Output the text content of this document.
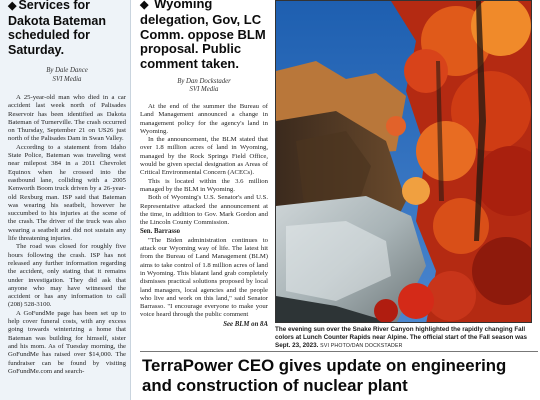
◆ Services for
Dakota Bateman
scheduled for
Saturday.
By Dale Dance
SVI Media

A 25-year-old man who died in a car accident last week north of Palisades Reservoir has been identified as Dakota Bateman of Turnerville. The crash occurred on Thursday, September 21 on US26 just north of the Palisades Dam in Swan Valley.

According to a statement from Idaho State Police, Bateman was traveling west near milepost 384 in a 2011 Chevrolet Equinox when he crossed into the eastbound lane, colliding with a 2005 Kenworth Boom truck driven by a 26-year-old Rexburg man. ISP said that Bateman was wearing his seatbelt, however he succumbed to his injuries at the scene of the crash. The driver of the truck was also wearing a seatbelt and did not sustain any life threatening injuries.

The road was closed for roughly five hours following the crash. ISP has not released any further information regarding the accident, only stating that it remains under investigation. They did ask that anyone who may have witnessed the accident or has any information to call (208) 528-3100.

A GoFundMe page has been set up to help cover funeral costs, with any excess going towards winterizing a home that Bateman was building for himself, sister and his mom. As of Tuesday morning, the GoFundMe has raised over $14,000. The fundraiser can be found by visiting GoFundMe.com and search-

◆ Wyoming
delegation, Gov, LC
Comm. oppose BLM
proposal. Public
comment taken.
By Dan Dockstader
SVI Media

At the end of the summer the Bureau of Land Management announced a change in management policy for the agency's land in Wyoming.

In the announcement, the BLM stated that over 1.8 million acres of land in Wyoming, managed by the Rock Springs Field Office, would be given special designation as Areas of Critical Environmental Concern (ACECs).

This is located within the 3.6 million managed by the BLM in Wyoming.

Both of Wyoming's U.S. Senator's and U.S. Representative attacked the announcement at the time, in addition to Gov. Mark Gordon and the Lincoln County Commission.

Sen. Barrasso

"The Biden administration continues to attack our Wyoming way of life. The latest hit from the Bureau of Land Management (BLM) aims to take control of 1.8 million acres of land in Wyoming. This blatant land grab completely dismisses practical solutions proposed by local land managers, local agencies and the people who live and work on this land," said Senator Barrasso. "I encourage everyone to make your voice heard through the public comment

See BLM on 8A
The evening sun over the Snake River Canyon highlighted the rapidly changing Fall colors at Lunch Counter Rapids near Alpine. The official start of the Fall season was Sept. 23, 2023. SVI PHOTO/DAN DOCKSTADER
TerraPower CEO gives update on engineering
and construction of nuclear plant
